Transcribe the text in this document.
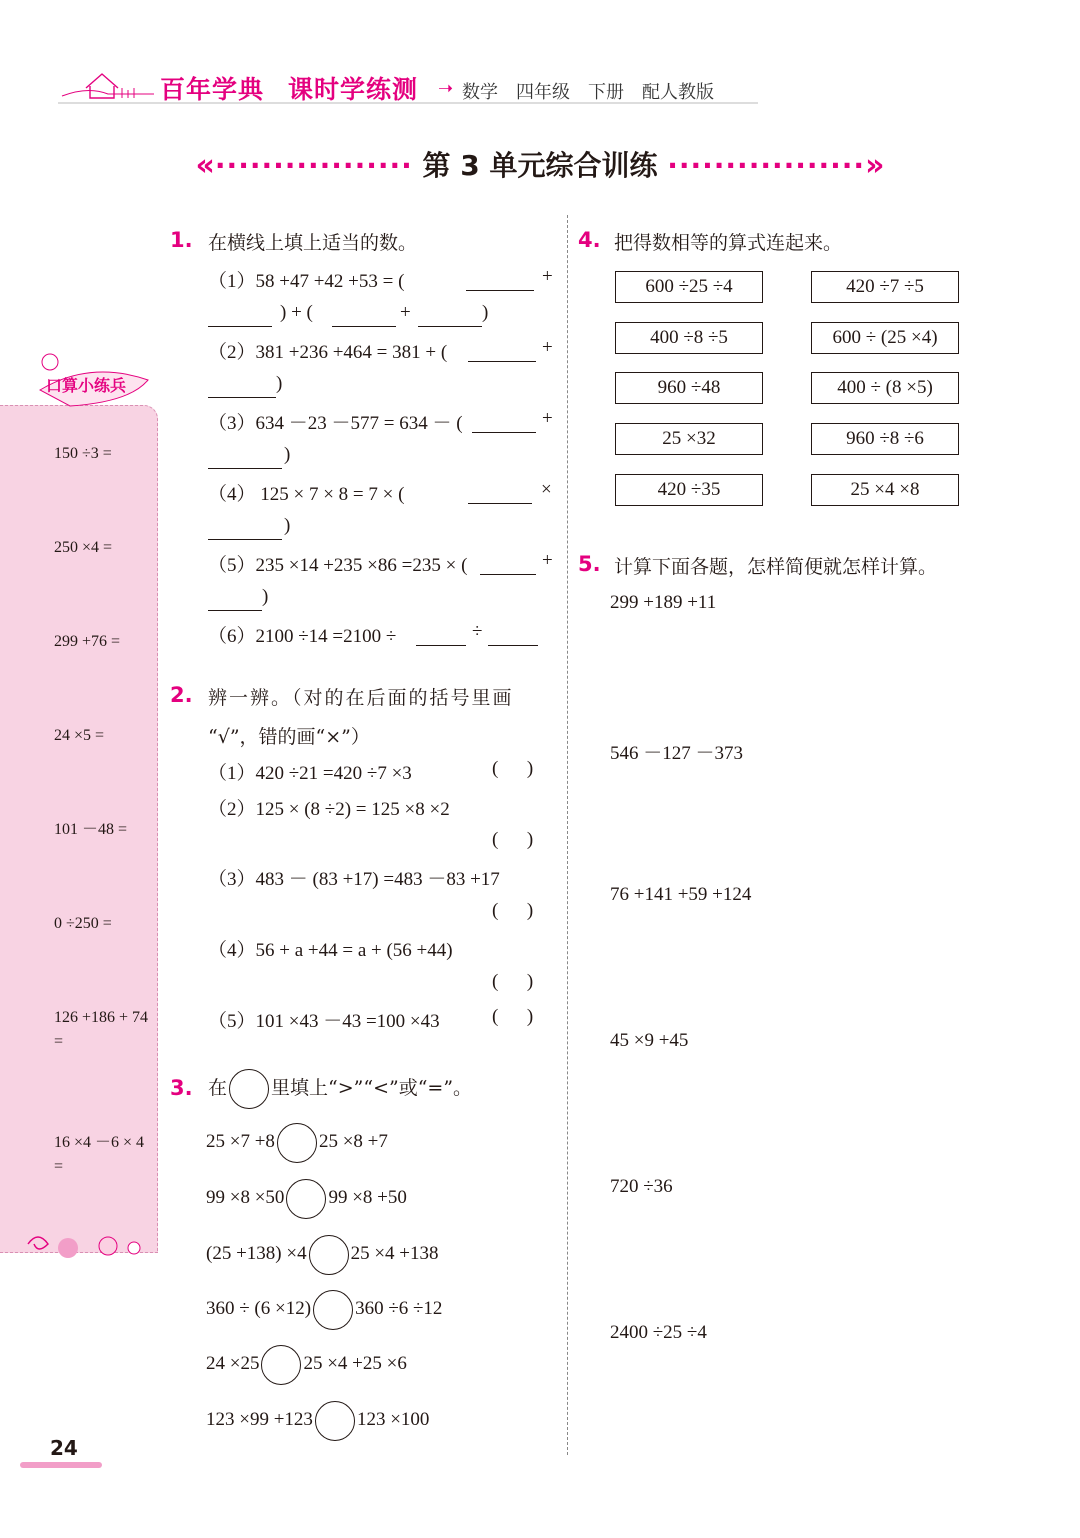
百年学典 课时学练测 ➝ 数学 四年级 下册 配人教版
«················· 第 3 单元综合训练 ·················»
口算小练兵
150 ÷3 =
250 ×4 =
299 +76 =
24 ×5 =
101 －48 =
0 ÷250 =
126 +186 + 74 =
16 ×4 －6 × 4 =
1. 在横线上填上适当的数。
（1）58 +47 +42 +53 = (	+
) + (	+	)
（2）381 +236 +464 = 381 + (	+
)
（3）634 －23 －577 = 634 － (	+
)
（4） 125 × 7 × 8 = 7 × (	×
)
（5）235 ×14 +235 ×86 =235 × (	+
)
（6）2100 ÷14 =2100 ÷	÷
2. 辨一辨。（对的在后面的括号里画
“√”，错的画“×”）
（1）420 ÷21 =420 ÷7 ×3	(      )
（2）125 × (8 ÷2) = 125 ×8 ×2
(      )
（3）483 － (83 +17) =483 －83 +17
(      )
（4）56 + a +44 = a + (56 +44)
(      )
（5）101 ×43 －43 =100 ×43	(      )
3. 在 里填上“>”“<”或“=”。
25 ×7 +8 25 ×8 +7
99 ×8 ×50 99 ×8 +50
(25 +138) ×4 25 ×4 +138
360 ÷ (6 ×12) 360 ÷6 ÷12
24 ×25 25 ×4 +25 ×6
123 ×99 +123 123 ×100
4. 把得数相等的算式连起来。
600 ÷25 ÷4
400 ÷8 ÷5
960 ÷48
25 ×32
420 ÷35
420 ÷7 ÷5
600 ÷ (25 ×4)
400 ÷ (8 ×5)
960 ÷8 ÷6
25 ×4 ×8
5. 计算下面各题，怎样简便就怎样计算。
299 +189 +11
546 －127 －373
76 +141 +59 +124
45 ×9 +45
720 ÷36
2400 ÷25 ÷4
24
